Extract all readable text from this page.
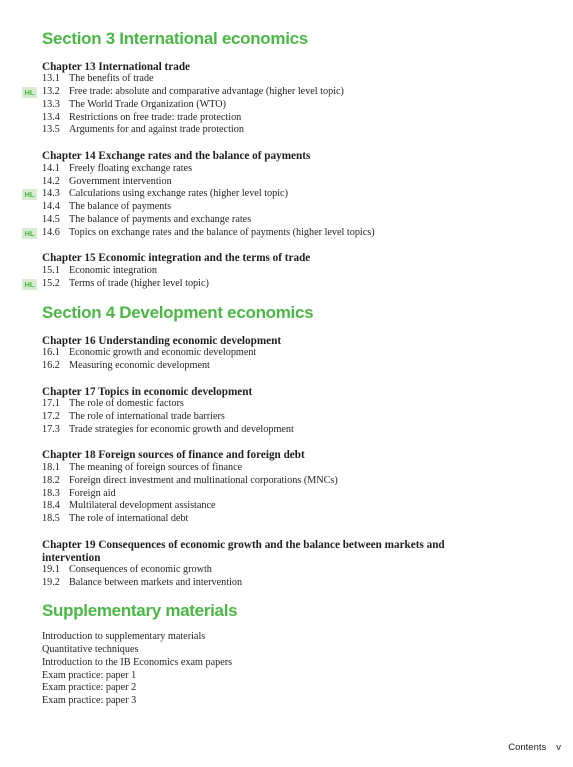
Section 3 International economics
Chapter 13 International trade
13.1 The benefits of trade
HL 13.2 Free trade: absolute and comparative advantage (higher level topic)
13.3 The World Trade Organization (WTO)
13.4 Restrictions on free trade: trade protection
13.5 Arguments for and against trade protection
Chapter 14 Exchange rates and the balance of payments
14.1 Freely floating exchange rates
14.2 Government intervention
HL 14.3 Calculations using exchange rates (higher level topic)
14.4 The balance of payments
14.5 The balance of payments and exchange rates
HL 14.6 Topics on exchange rates and the balance of payments (higher level topics)
Chapter 15 Economic integration and the terms of trade
15.1 Economic integration
HL 15.2 Terms of trade (higher level topic)
Section 4 Development economics
Chapter 16 Understanding economic development
16.1 Economic growth and economic development
16.2 Measuring economic development
Chapter 17 Topics in economic development
17.1 The role of domestic factors
17.2 The role of international trade barriers
17.3 Trade strategies for economic growth and development
Chapter 18 Foreign sources of finance and foreign debt
18.1 The meaning of foreign sources of finance
18.2 Foreign direct investment and multinational corporations (MNCs)
18.3 Foreign aid
18.4 Multilateral development assistance
18.5 The role of international debt
Chapter 19 Consequences of economic growth and the balance between markets and
intervention
19.1 Consequences of economic growth
19.2 Balance between markets and intervention
Supplementary materials
Introduction to supplementary materials
Quantitative techniques
Introduction to the IB Economics exam papers
Exam practice: paper 1
Exam practice: paper 2
Exam practice: paper 3
Contents v
